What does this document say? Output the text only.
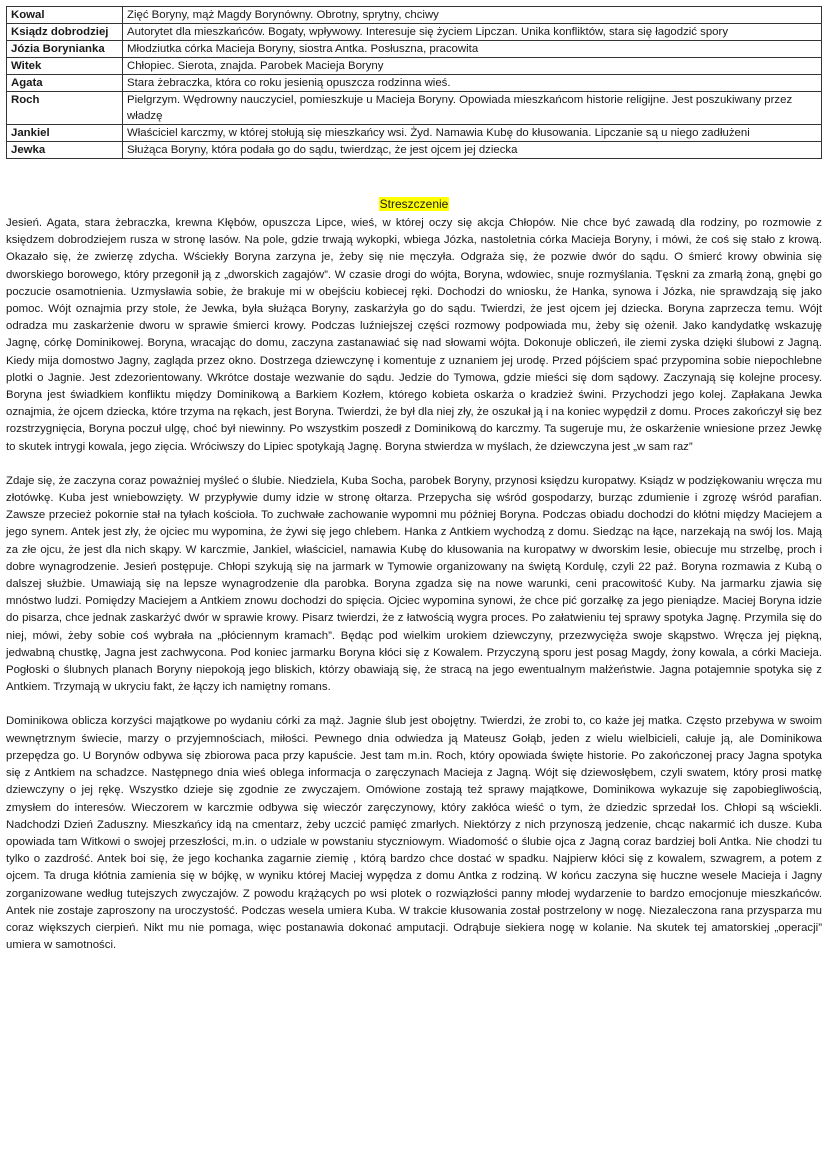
Kowal	Zięć Boryny, mąż Magdy Borynówny. Obrotny, sprytny, chciwy
Ksiądz dobrodziej	Autorytet dla mieszkańców. Bogaty, wpływowy. Interesuje się życiem Lipczan. Unika konfliktów, stara się łagodzić spory
Józia Borynianka	Młodziutka córka Macieja Boryny, siostra Antka. Posłuszna, pracowita
Witek	Chłopiec. Sierota, znajda. Parobek Macieja Boryny
Agata	Stara żebraczka, która co roku jesienią opuszcza rodzinna wieś.
Roch	Pielgrzym. Wędrowny nauczyciel, pomieszkuje u Macieja Boryny. Opowiada mieszkańcom historie religijne. Jest poszukiwany przez władzę
Jankiel	Właściciel karczmy, w której stołują się mieszkańcy wsi. Żyd. Namawia Kubę do kłusowania. Lipczanie są u niego zadłużeni
Jewka	Służąca Boryny, która podała go do sądu, twierdząc, że jest ojcem jej dziecka
Streszczenie

Jesień. Agata, stara żebraczka, krewna Kłębów, opuszcza Lipce, wieś, w której oczy się akcja Chłopów. Nie chce być zawadą dla rodziny, po rozmowie z księdzem dobrodziejem rusza w stronę lasów. Na pole, gdzie trwają wykopki, wbiega Józka, nastoletnia córka Macieja Boryny, i mówi, że coś się stało z krową. Okazało się, że zwierzę zdycha. Wściekły Boryna zarzyna je, żeby się nie męczyła. Odgraża się, że pozwie dwór do sądu. O śmierć krowy obwinia się dworskiego borowego, który przegonił ją z „dworskich zagajów”. W czasie drogi do wójta, Boryna, wdowiec, snuje rozmyślania. Tęskni za zmarłą żoną, gnębi go poczucie osamotnienia. Uzmysławia sobie, że brakuje mi w obejściu kobiecej ręki. Dochodzi do wniosku, że Hanka, synowa i Józka, nie sprawdzają się jako pomoc. Wójt oznajmia przy stole, że Jewka, była służąca Boryny, zaskarżyła go do sądu. Twierdzi, że jest ojcem jej dziecka. Boryna zaprzecza temu. Wójt odradza mu zaskarżenie dworu w sprawie śmierci krowy. Podczas luźniejszej części rozmowy podpowiada mu, żeby się ożenił. Jako kandydatkę wskazuję Jagnę, córkę Dominikowej. Boryna, wracając do domu, zaczyna zastanawiać się nad słowami wójta. Dokonuje obliczeń, ile ziemi zyska dzięki ślubowi z Jagną. Kiedy mija domostwo Jagny, zagląda przez okno. Dostrzega dziewczynę i komentuje z uznaniem jej urodę. Przed pójściem spać przypomina sobie niepochlebne plotki o Jagnie. Jest zdezorientowany. Wkrótce dostaje wezwanie do sądu. Jedzie do Tymowa, gdzie mieści się dom sądowy. Zaczynają się kolejne procesy. Boryna jest świadkiem konfliktu między Dominikową a Barkiem Kozłem, którego kobieta oskarża o kradzież świni. Przychodzi jego kolej. Zapłakana Jewka oznajmia, że ojcem dziecka, które trzyma na rękach, jest Boryna. Twierdzi, że był dla niej zły, że oszukał ją i na koniec wypędził z domu. Proces zakończył się bez rozstrzygnięcia, Boryna poczuł ulgę, choć był niewinny. Po wszystkim poszedł z Dominikową do karczmy. Ta sugeruje mu, że oskarżenie wniesione przez Jewkę to skutek intrygi kowala, jego zięcia. Wróciwszy do Lipiec spotykają Jagnę. Boryna stwierdza w myślach, że dziewczyna jest „w sam raz”

Zdaje się, że zaczyna coraz poważniej myśleć o ślubie. Niedziela, Kuba Socha, parobek Boryny, przynosi księdzu kuropatwy. Ksiądz w podziękowaniu wręcza mu złotówkę. Kuba jest wniebowzięty. W przypływie dumy idzie w stronę ołtarza. Przepycha się wśród gospodarzy, burząc zdumienie i zgrozę wśród parafian. Zawsze przecież pokornie stał na tyłach kościoła. To zuchwałe zachowanie wypomni mu później Boryna. Podczas obiadu dochodzi do kłótni między Maciejem a jego synem. Antek jest zły, że ojciec mu wypomina, że żywi się jego chlebem. Hanka z Antkiem wychodzą z domu. Siedząc na łące, narzekają na swój los. Mają za złe ojcu, że jest dla nich skąpy. W karczmie, Jankiel, właściciel, namawia Kubę do kłusowania na kuropatwy w dworskim lesie, obiecuje mu strzelbę, proch i dobre wynagrodzenie. Jesień postępuje. Chłopi szykują się na jarmark w Tymowie organizowany na świętą Kordulę, czyli 22 paź. Boryna rozmawia z Kubą o dalszej służbie. Umawiają się na lepsze wynagrodzenie dla parobka. Boryna zgadza się na nowe warunki, ceni pracowitość Kuby. Na jarmarku zjawia się mnóstwo ludzi. Pomiędzy Maciejem a Antkiem znowu dochodzi do spięcia. Ojciec wypomina synowi, że chce pić gorzałkę za jego pieniądze. Maciej Boryna idzie do pisarza, chce jednak zaskarżyć dwór w sprawie krowy. Pisarz twierdzi, że z łatwością wygra proces. Po załatwieniu tej sprawy spotyka Jagnę. Przymila się do niej, mówi, żeby sobie coś wybrała na „płóciennym kramach”. Będąc pod wielkim urokiem dziewczyny, przezwycięża swoje skąpstwo. Wręcza jej piękną, jedwabną chustkę, Jagna jest zachwycona. Pod koniec jarmarku Boryna kłóci się z Kowalem. Przyczyną sporu jest posag Magdy, żony kowala, a córki Macieja. Pogłoski o ślubnych planach Boryny niepokoją jego bliskich, którzy obawiają się, że stracą na jego ewentualnym małżeństwie. Jagna potajemnie spotyka się z Antkiem. Trzymają w ukryciu fakt, że łączy ich namiętny romans.

Dominikowa oblicza korzyści majątkowe po wydaniu córki za mąż. Jagnie ślub jest obojętny. Twierdzi, że zrobi to, co każe jej matka. Często przebywa w swoim wewnętrznym świecie, marzy o przyjemnościach, miłości. Pewnego dnia odwiedza ją Mateusz Gołąb, jeden z wielu wielbicieli, całuje ją, ale Dominikowa przepędza go. U Borynów odbywa się zbiorowa paca przy kapuście. Jest tam m.in. Roch, który opowiada święte historie. Po zakończonej pracy Jagna spotyka się z Antkiem na schadzce. Następnego dnia wieś oblega informacja o zaręczynach Macieja z Jagną. Wójt się dziewosłębem, czyli swatem, który prosi matkę dziewczyny o jej rękę. Wszystko dzieje się zgodnie ze zwyczajem. Omówione zostają też sprawy majątkowe, Dominikowa wykazuje się zapobiegliwością, zmysłem do interesów. Wieczorem w karczmie odbywa się wieczór zaręczynowy, który zakłóca wieść o tym, że dziedzic sprzedał los. Chłopi są wściekli. Nadchodzi Dzień Zaduszny. Mieszkańcy idą na cmentarz, żeby uczcić pamięć zmarłych. Niektórzy z nich przynoszą jedzenie, chcąc nakarmić ich dusze. Kuba opowiada tam Witkowi o swojej przeszłości, m.in. o udziale w powstaniu styczniowym. Wiadomość o ślubie ojca z Jagną coraz bardziej boli Antka. Nie chodzi tu tylko o zazdrość. Antek boi się, że jego kochanka zagarnie ziemię , którą bardzo chce dostać w spadku. Najpierw kłóci się z kowalem, szwagrem, a potem z ojcem. Ta druga kłótnia zamienia się w bójkę, w wyniku której Maciej wypędza z domu Antka z rodziną. W końcu zaczyna się huczne wesele Macieja i Jagny zorganizowane według tutejszych zwyczajów. Z powodu krążących po wsi plotek o rozwiązłości panny młodej wydarzenie to bardzo emocjonuje mieszkańców. Antek nie zostaje zaproszony na uroczystość. Podczas wesela umiera Kuba. W trakcie kłusowania został postrzelony w nogę. Niezaleczona rana przysparza mu coraz większych cierpień. Nikt mu nie pomaga, więc postanawia dokonać amputacji. Odrąbuje siekiera nogę w kolanie. Na skutek tej amatorskiej „operacji” umiera w samotności.
